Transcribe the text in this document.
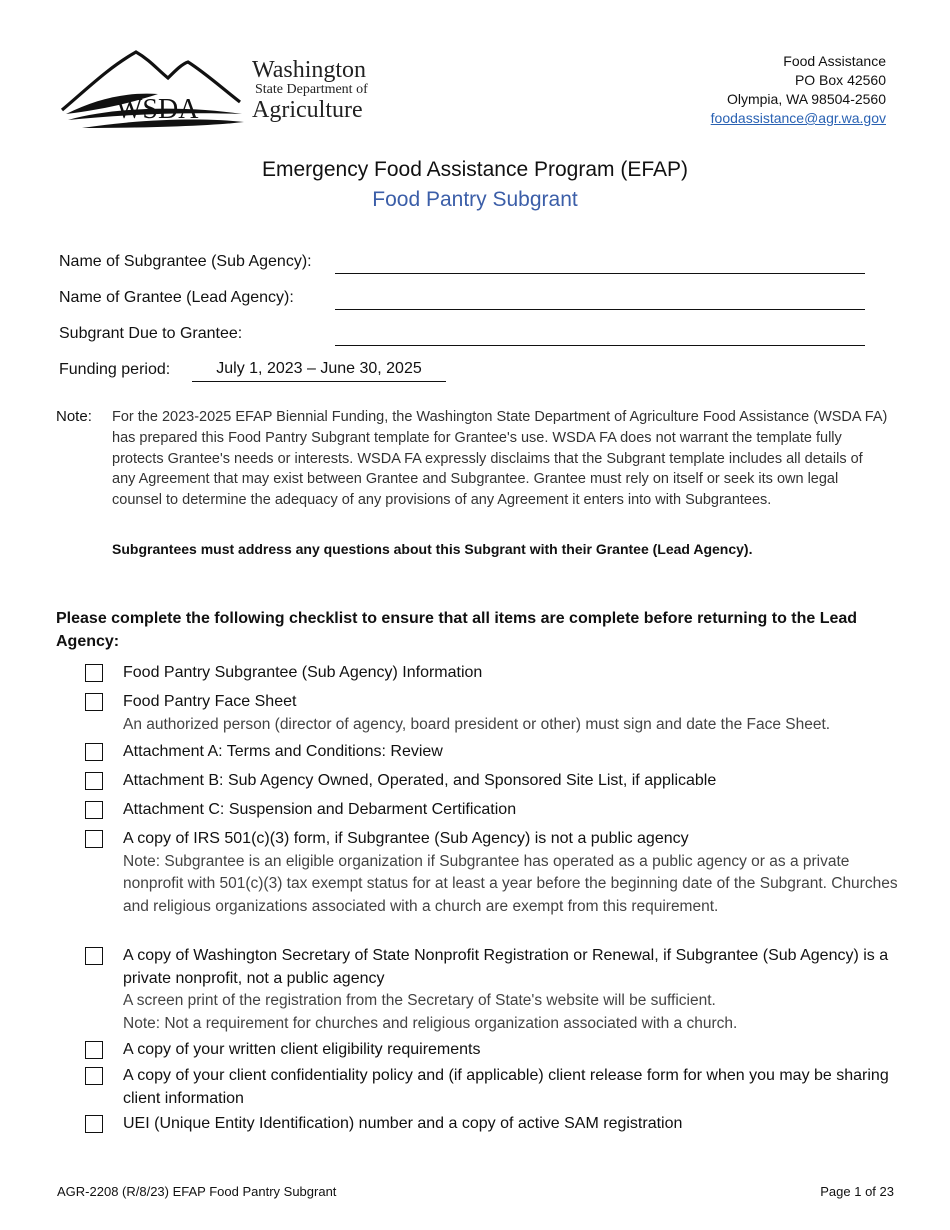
WSDA
Washington
State Department of
Agriculture
Food Assistance
PO Box 42560
Olympia, WA 98504-2560
foodassistance@agr.wa.gov
Emergency Food Assistance Program (EFAP)
Food Pantry Subgrant
Name of Subgrantee (Sub Agency):
Name of Grantee (Lead Agency):
Subgrant Due to Grantee:
Funding period:	July 1, 2023 – June 30, 2025
Note: For the 2023-2025 EFAP Biennial Funding, the Washington State Department of Agriculture Food Assistance (WSDA FA) has prepared this Food Pantry Subgrant template for Grantee's use. WSDA FA does not warrant the template fully protects Grantee's needs or interests. WSDA FA expressly disclaims that the Subgrant template includes all details of any Agreement that may exist between Grantee and Subgrantee. Grantee must rely on itself or seek its own legal counsel to determine the adequacy of any provisions of any Agreement it enters into with Subgrantees.
Subgrantees must address any questions about this Subgrant with their Grantee (Lead Agency).
Please complete the following checklist to ensure that all items are complete before returning to the Lead Agency:
Food Pantry Subgrantee (Sub Agency) Information
Food Pantry Face Sheet
An authorized person (director of agency, board president or other) must sign and date the Face Sheet.
Attachment A: Terms and Conditions: Review
Attachment B: Sub Agency Owned, Operated, and Sponsored Site List, if applicable
Attachment C: Suspension and Debarment Certification
A copy of IRS 501(c)(3) form, if Subgrantee (Sub Agency) is not a public agency
Note: Subgrantee is an eligible organization if Subgrantee has operated as a public agency or as a private nonprofit with 501(c)(3) tax exempt status for at least a year before the beginning date of the Subgrant. Churches and religious organizations associated with a church are exempt from this requirement.
A copy of Washington Secretary of State Nonprofit Registration or Renewal, if Subgrantee (Sub Agency) is a private nonprofit, not a public agency
A screen print of the registration from the Secretary of State's website will be sufficient.
Note: Not a requirement for churches and religious organization associated with a church.
A copy of your written client eligibility requirements
A copy of your client confidentiality policy and (if applicable) client release form for when you may be sharing client information
UEI (Unique Entity Identification) number and a copy of active SAM registration
AGR-2208 (R/8/23) EFAP Food Pantry Subgrant	Page 1 of 23
